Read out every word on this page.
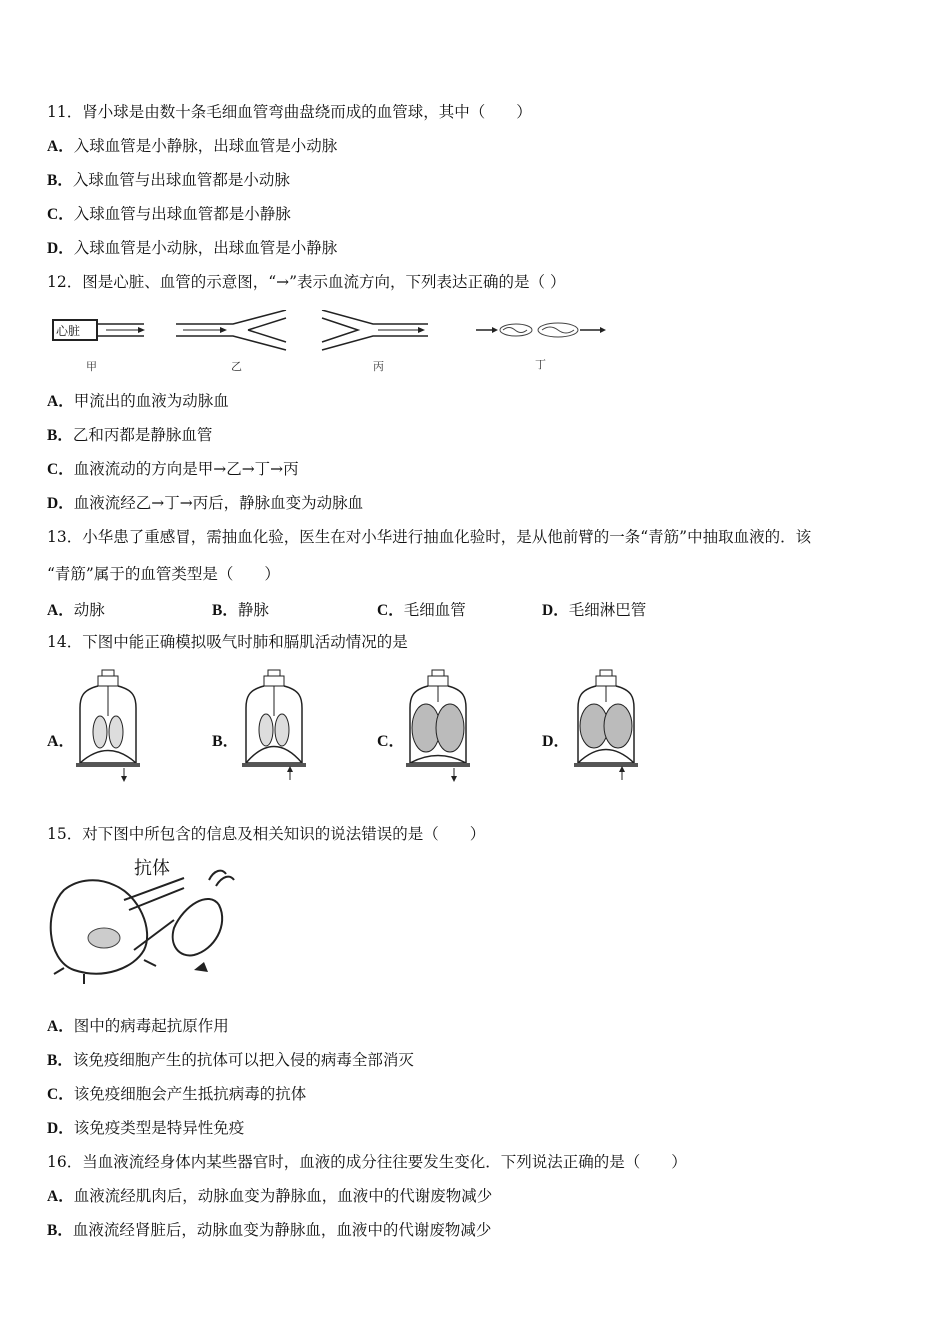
11．肾小球是由数十条毛细血管弯曲盘绕而成的血管球，其中（　　）
A．入球血管是小静脉，出球血管是小动脉
B．入球血管与出球血管都是小动脉
C．入球血管与出球血管都是小静脉
D．入球血管是小动脉，出球血管是小静脉
12．图是心脏、血管的示意图，“→”表示血流方向，下列表达正确的是（ ）
心脏
甲	乙	丙	丁
A．甲流出的血液为动脉血
B．乙和丙都是静脉血管
C．血液流动的方向是甲→乙→丁→丙
D．血液流经乙→丁→丙后，静脉血变为动脉血
13．小华患了重感冒，需抽血化验，医生在对小华进行抽血化验时，是从他前臂的一条“青筋”中抽取血液的．该
“青筋”属于的血管类型是（　　）
A．动脉	B．静脉	C．毛细血管	D．毛细淋巴管
14．下图中能正确模拟吸气时肺和膈肌活动情况的是
A．	B．	C．	D．
15．对下图中所包含的信息及相关知识的说法错误的是（　　）
抗体
A．图中的病毒起抗原作用
B．该免疫细胞产生的抗体可以把入侵的病毒全部消灭
C．该免疫细胞会产生抵抗病毒的抗体
D．该免疫类型是特异性免疫
16．当血液流经身体内某些器官时，血液的成分往往要发生变化．下列说法正确的是（　　）
A．血液流经肌肉后，动脉血变为静脉血，血液中的代谢废物减少
B．血液流经肾脏后，动脉血变为静脉血，血液中的代谢废物减少
